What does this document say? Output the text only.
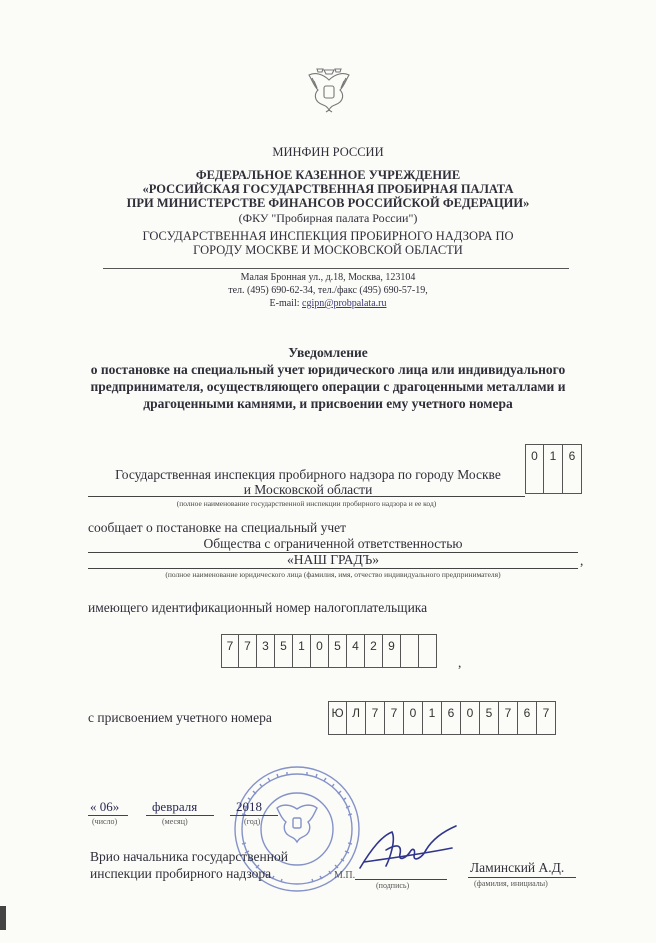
МИНФИН РОССИИ
ФЕДЕРАЛЬНОЕ КАЗЕННОЕ УЧРЕЖДЕНИЕ
«РОССИЙСКАЯ ГОСУДАРСТВЕННАЯ ПРОБИРНАЯ ПАЛАТА
ПРИ МИНИСТЕРСТВЕ ФИНАНСОВ РОССИЙСКОЙ ФЕДЕРАЦИИ»
(ФКУ "Пробирная палата России")
ГОСУДАРСТВЕННАЯ ИНСПЕКЦИЯ ПРОБИРНОГО НАДЗОРА ПО
ГОРОДУ МОСКВЕ И МОСКОВСКОЙ ОБЛАСТИ
Малая Бронная ул., д.18, Москва, 123104
тел. (495) 690-62-34, тел./факс (495) 690-57-19,
E-mail: cgipn@probpalata.ru
Уведомление
о постановке на специальный учет юридического лица или индивидуального предпринимателя, осуществляющего операции с драгоценными металлами и драгоценными камнями, и присвоении ему учетного номера
Государственная инспекция пробирного надзора по городу Москве
и Московской области
0 1	6
(полное наименование государственной инспекции пробирного надзора и ее код)
сообщает о постановке на специальный учет
Общества с ограниченной ответственностью
«НАШ ГРАДЪ»	,
(полное наименование юридического лица (фамилия, имя, отчество индивидуального предпринимателя)
имеющего идентификационный номер налогоплательщика
7 7 3 5 1 0 5 4 2 9
,
с присвоением учетного номера	Ю Л 7	7	0	1	6	0	5	7	6	7
« 06»
(число)
февраля
(месяц)
2018
(год)
Врио начальника государственной
инспекции пробирного надзора	М.П.
(подпись)
Ламинский А.Д.
(фамилия, инициалы)
